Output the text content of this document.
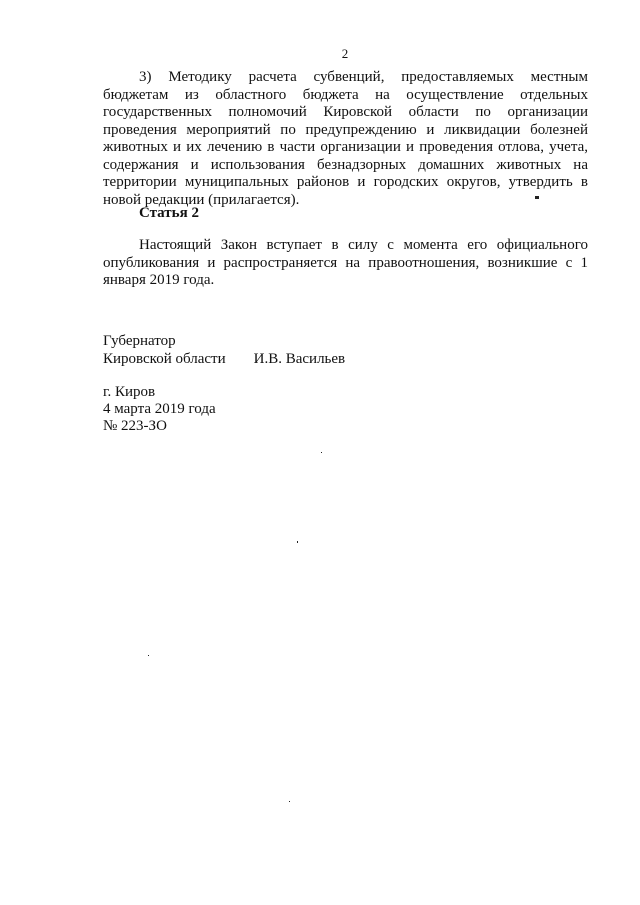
2
3) Методику расчета субвенций, предоставляемых местным бюджетам из областного бюджета на осуществление отдельных государственных полномочий Кировской области по организации проведения мероприятий по предупреждению и ликвидации болезней животных и их лечению в части организации и проведения отлова, учета, содержания и использования безнадзорных домашних животных на территории муниципальных районов и городских округов, утвердить в новой редакции (прилагается).
Статья 2
Настоящий Закон вступает в силу с момента его официального опубликования и распространяется на правоотношения, возникшие с 1 января 2019 года.
Губернатор
Кировской области И.В. Васильев
г. Киров
4 марта 2019 года
№ 223-ЗО
